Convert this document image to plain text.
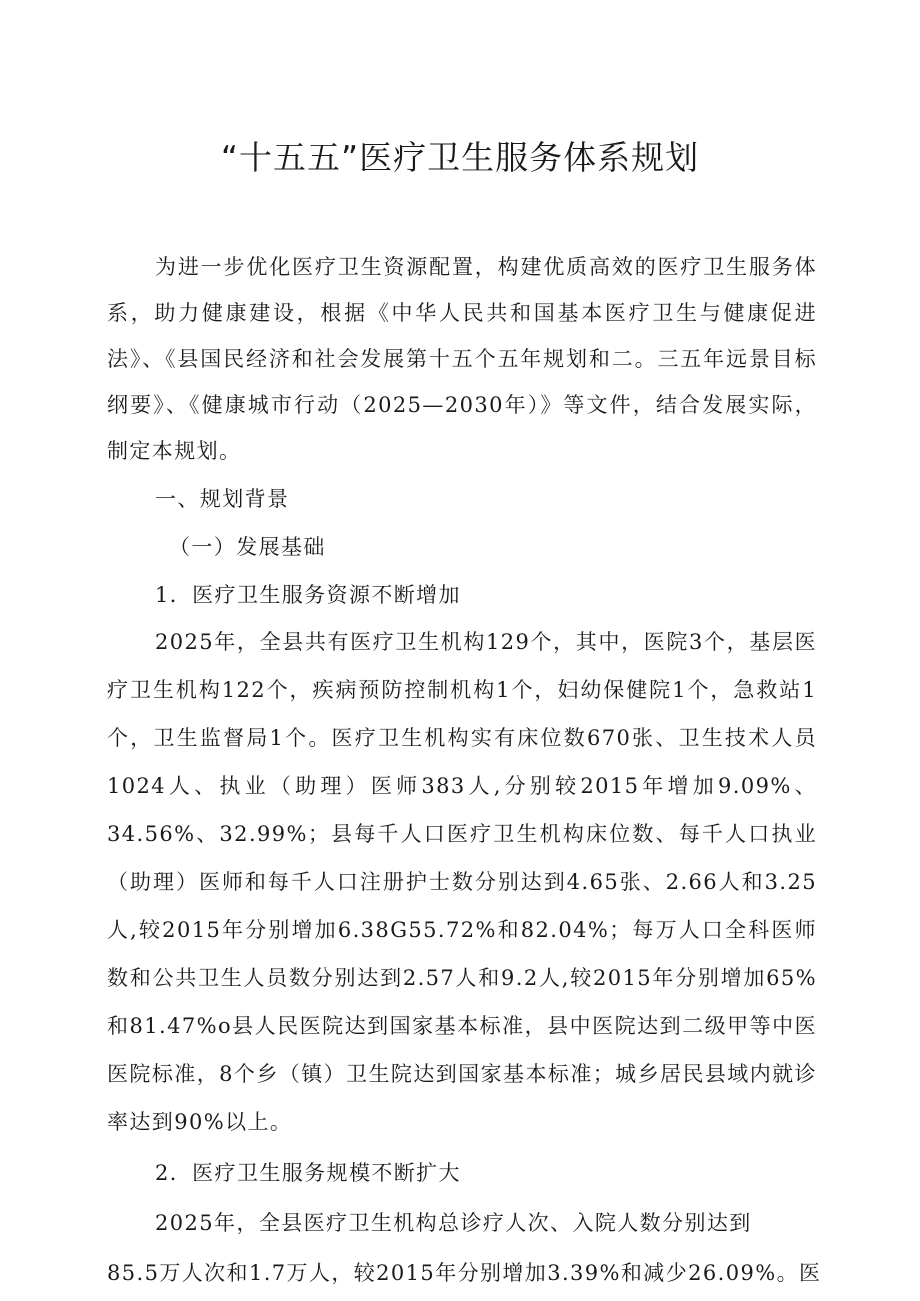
“十五五”医疗卫生服务体系规划

为进一步优化医疗卫生资源配置，构建优质高效的医疗卫生服务体系，助力健康建设，根据《中华人民共和国基本医疗卫生与健康促进法》、《县国民经济和社会发展第十五个五年规划和二。三五年远景目标纲要》、《健康城市行动（2025—2030年）》等文件，结合发展实际，制定本规划。

一、规划背景

（一）发展基础

1．医疗卫生服务资源不断增加

2025年，全县共有医疗卫生机构129个，其中，医院3个，基层医疗卫生机构122个，疾病预防控制机构1个，妇幼保健院1个，急救站1个，卫生监督局1个。医疗卫生机构实有床位数670张、卫生技术人员1024人、执业（助理）医师383人,分别较2015年增加9.09%、34.56%、32.99%；县每千人口医疗卫生机构床位数、每千人口执业（助理）医师和每千人口注册护士数分别达到4.65张、2.66人和3.25人,较2015年分别增加6.38G55.72%和82.04%；每万人口全科医师数和公共卫生人员数分别达到2.57人和9.2人,较2015年分别增加65%和81.47%o县人民医院达到国家基本标准，县中医院达到二级甲等中医医院标准，8个乡（镇）卫生院达到国家基本标准；城乡居民县域内就诊率达到90%以上。

2．医疗卫生服务规模不断扩大

2025年，全县医疗卫生机构总诊疗人次、入院人数分别达到

85.5万人次和1.7万人，较2015年分别增加3.39%和减少26.09%。医
